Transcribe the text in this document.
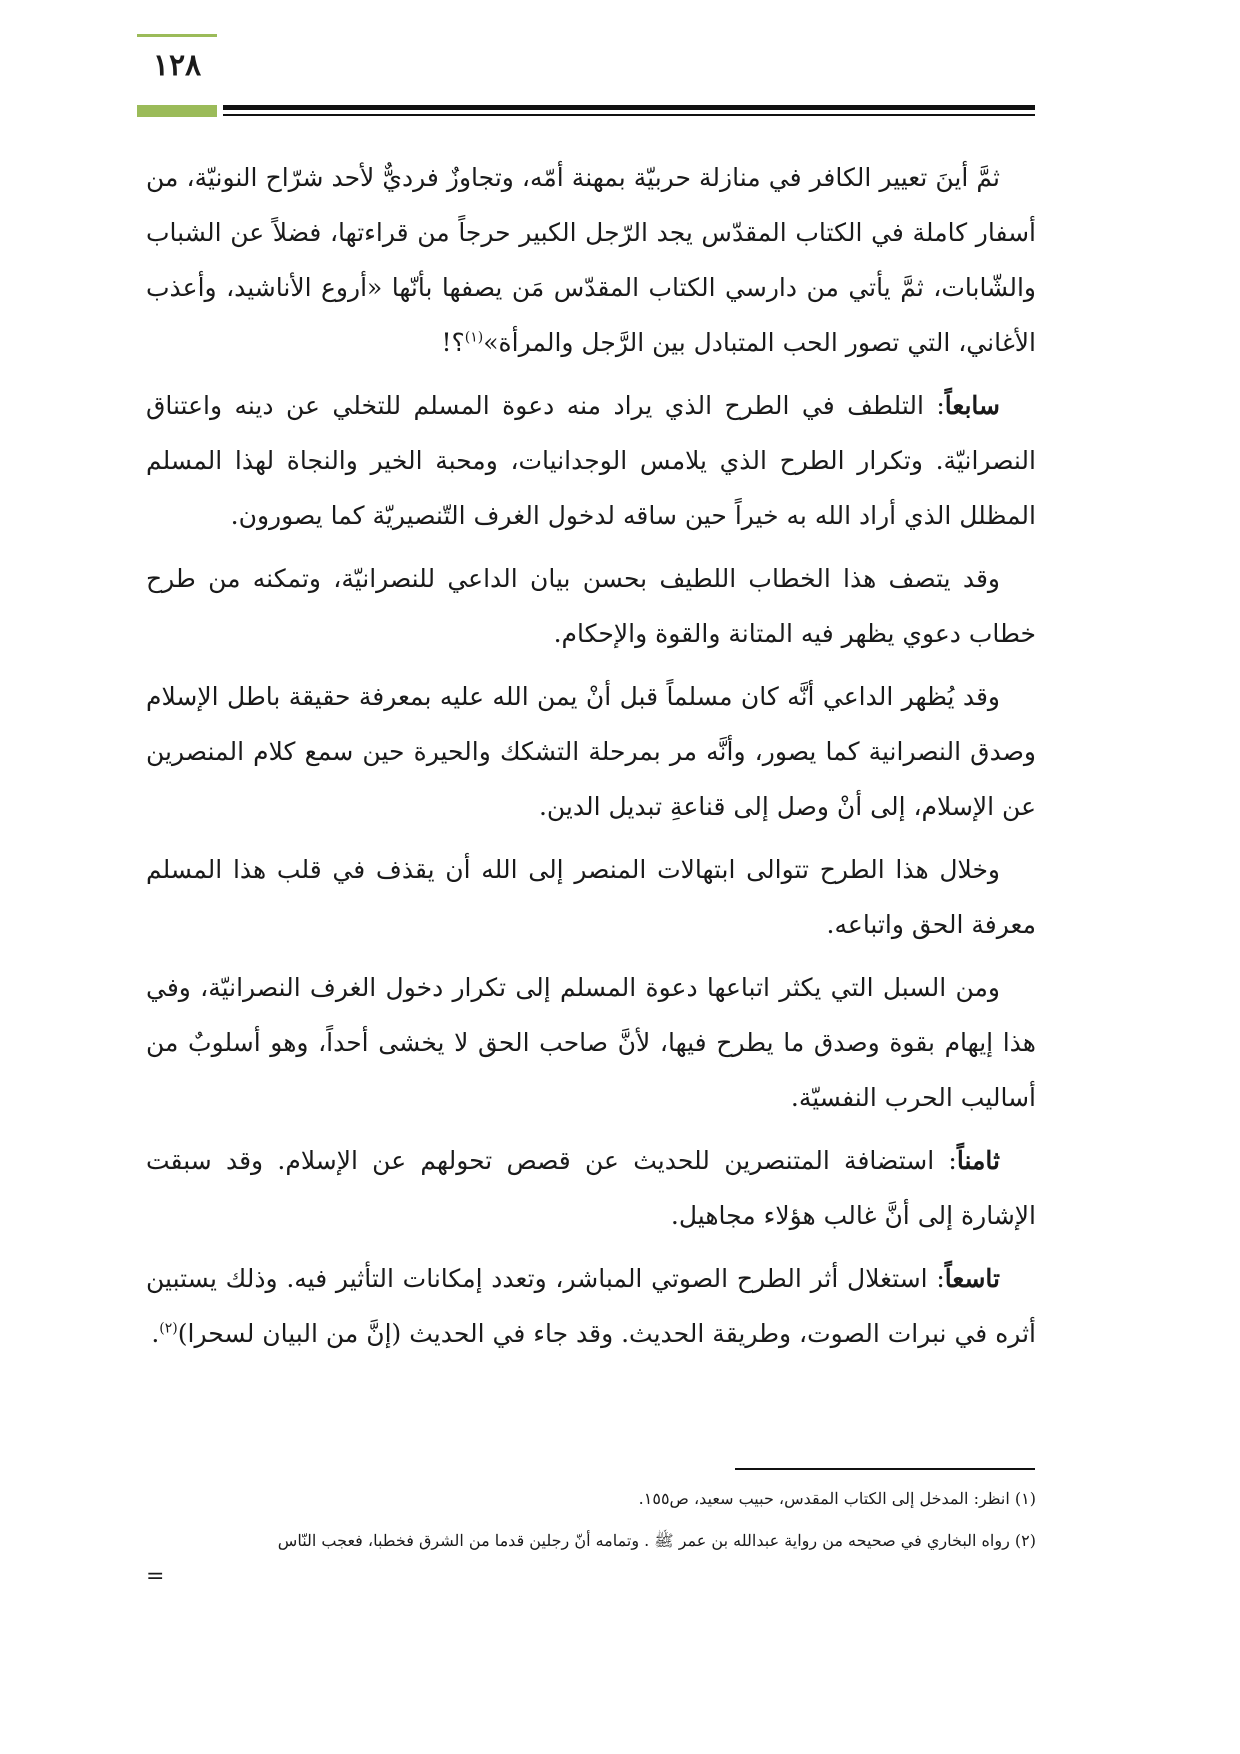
١٢٨

ثمَّ أينَ تعيير الكافر في منازلة حربيّة بمهنة أمّه، وتجاوزٌ فرديٌّ لأحد شرّاح النونيّة، من أسفار كاملة في الكتاب المقدّس يجد الرّجل الكبير حرجاً من قراءتها، فضلاً عن الشباب والشّابات، ثمَّ يأتي من دارسي الكتاب المقدّس مَن يصفها بأنّها «أروع الأناشيد، وأعذب الأغاني، التي تصور الحب المتبادل بين الرَّجل والمرأة»$^{(١)}$؟!

سابعاً: التلطف في الطرح الذي يراد منه دعوة المسلم للتخلي عن دينه واعتناق النصرانيّة. وتكرار الطرح الذي يلامس الوجدانيات، ومحبة الخير والنجاة لهذا المسلم المظلل الذي أراد الله به خيراً حين ساقه لدخول الغرف التّنصيريّة كما يصورون.

وقد يتصف هذا الخطاب اللطيف بحسن بيان الداعي للنصرانيّة، وتمكنه من طرح خطاب دعوي يظهر فيه المتانة والقوة والإحكام.

وقد يُظهر الداعي أنَّه كان مسلماً قبل أنْ يمن الله عليه بمعرفة حقيقة باطل الإسلام وصدق النصرانية كما يصور، وأنَّه مر بمرحلة التشكك والحيرة حين سمع كلام المنصرين عن الإسلام، إلى أنْ وصل إلى قناعةِ تبديل الدين.

وخلال هذا الطرح تتوالى ابتهالات المنصر إلى الله أن يقذف في قلب هذا المسلم معرفة الحق واتباعه.

ومن السبل التي يكثر اتباعها دعوة المسلم إلى تكرار دخول الغرف النصرانيّة، وفي هذا إيهام بقوة وصدق ما يطرح فيها، لأنَّ صاحب الحق لا يخشى أحداً، وهو أسلوبٌ من أساليب الحرب النفسيّة.

ثامناً: استضافة المتنصرين للحديث عن قصص تحولهم عن الإسلام. وقد سبقت الإشارة إلى أنَّ غالب هؤلاء مجاهيل.

تاسعاً: استغلال أثر الطرح الصوتي المباشر، وتعدد إمكانات التأثير فيه. وذلك يستبين أثره في نبرات الصوت، وطريقة الحديث. وقد جاء في الحديث (إنَّ من البيان لسحرا)$^{(٢)}$.

(١) انظر: المدخل إلى الكتاب المقدس، حبيب سعيد، ص١٥٥.

(٢) رواه البخاري في صحيحه من رواية عبدالله بن عمر ﷺ . وتمامه أنّ رجلين قدما من الشرق فخطبا، فعجب النّاس

=
